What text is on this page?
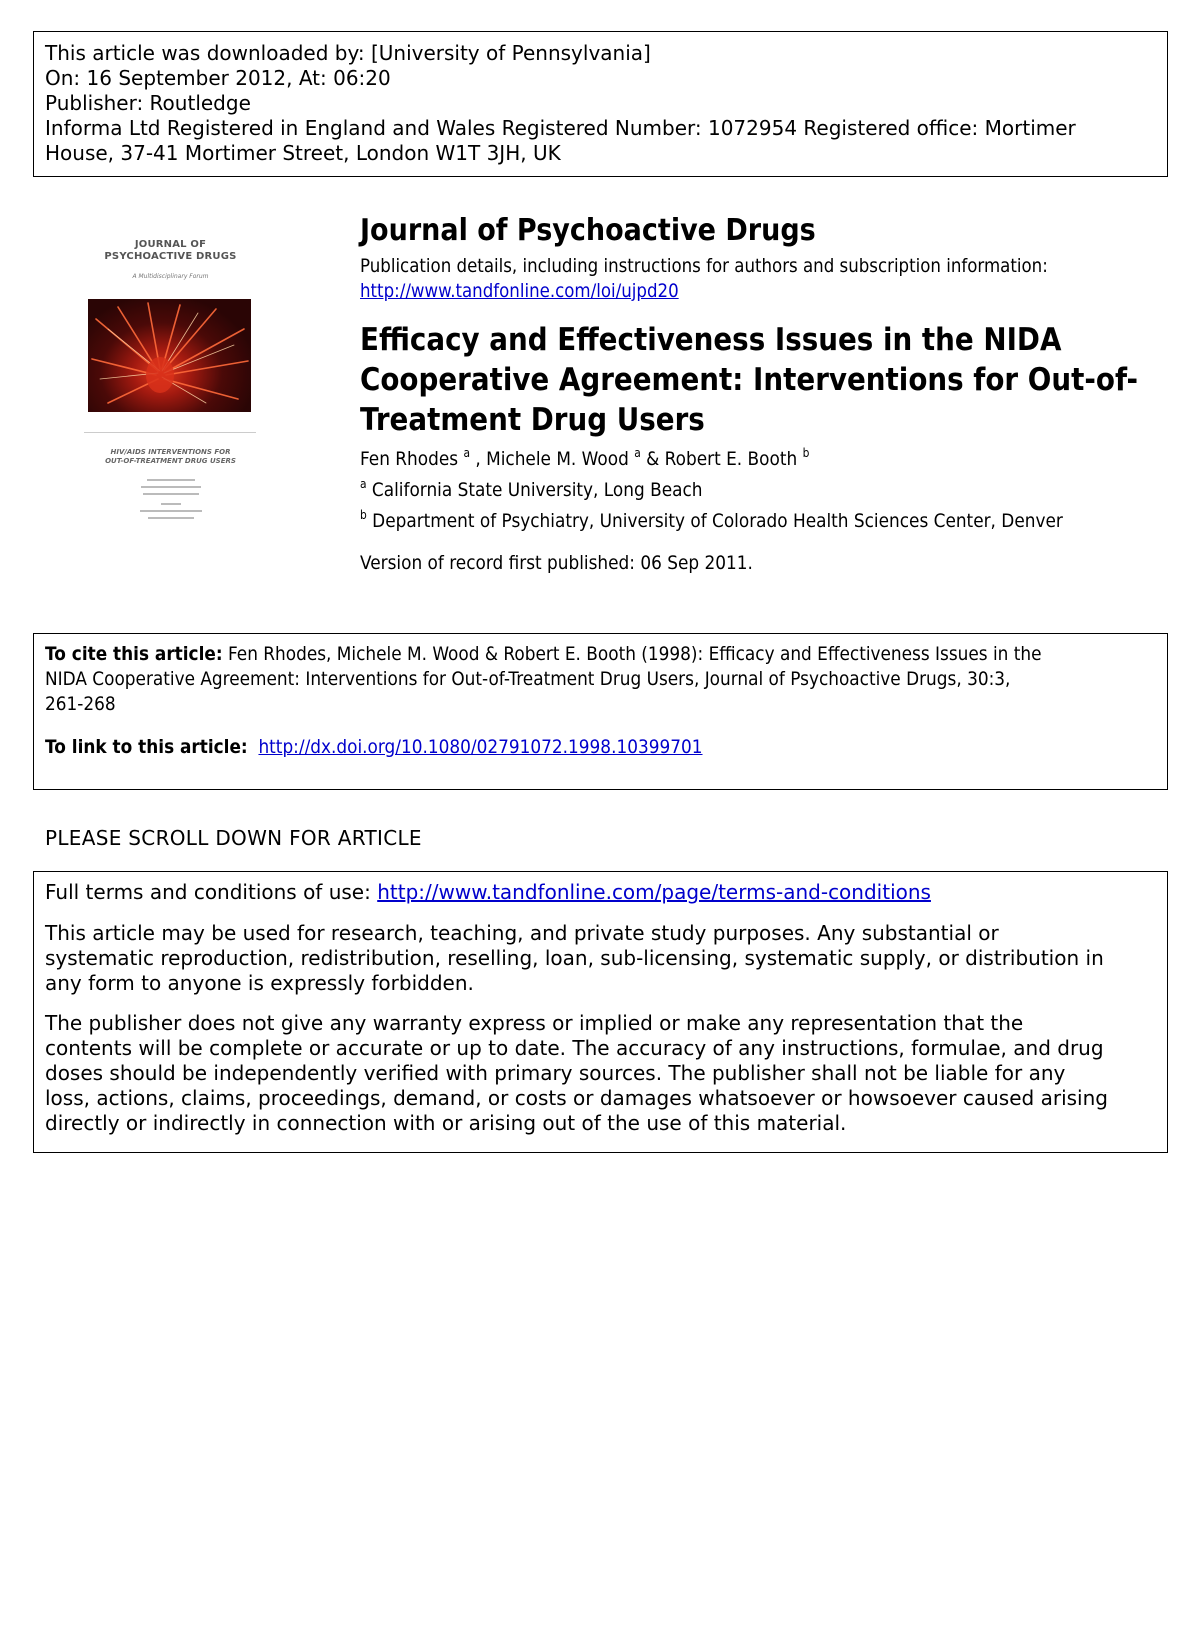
This article was downloaded by: [University of Pennsylvania]
On: 16 September 2012, At: 06:20
Publisher: Routledge
Informa Ltd Registered in England and Wales Registered Number: 1072954 Registered office: Mortimer
House, 37-41 Mortimer Street, London W1T 3JH, UK
JOURNAL OF
PSYCHOACTIVE DRUGS
A Multidisciplinary Forum

HIV/AIDS INTERVENTIONS FOR
OUT-OF-TREATMENT DRUG USERS
Journal of Psychoactive Drugs
Publication details, including instructions for authors and subscription information:
http://www.tandfonline.com/loi/ujpd20
Efficacy and Effectiveness Issues in the NIDA
Cooperative Agreement: Interventions for Out-of-
Treatment Drug Users
Fen Rhodes $^a$ , Michele M. Wood $^a$ & Robert E. Booth $^b$
$^a$ California State University, Long Beach
$^b$ Department of Psychiatry, University of Colorado Health Sciences Center, Denver
Version of record first published: 06 Sep 2011.
To cite this article: Fen Rhodes, Michele M. Wood & Robert E. Booth (1998): Efficacy and Effectiveness Issues in the
NIDA Cooperative Agreement: Interventions for Out-of-Treatment Drug Users, Journal of Psychoactive Drugs, 30:3,
261-268
To link to this article: http://dx.doi.org/10.1080/02791072.1998.10399701
PLEASE SCROLL DOWN FOR ARTICLE
Full terms and conditions of use: http://www.tandfonline.com/page/terms-and-conditions
This article may be used for research, teaching, and private study purposes. Any substantial or
systematic reproduction, redistribution, reselling, loan, sub-licensing, systematic supply, or distribution in
any form to anyone is expressly forbidden.
The publisher does not give any warranty express or implied or make any representation that the
contents will be complete or accurate or up to date. The accuracy of any instructions, formulae, and drug
doses should be independently verified with primary sources. The publisher shall not be liable for any
loss, actions, claims, proceedings, demand, or costs or damages whatsoever or howsoever caused arising
directly or indirectly in connection with or arising out of the use of this material.
